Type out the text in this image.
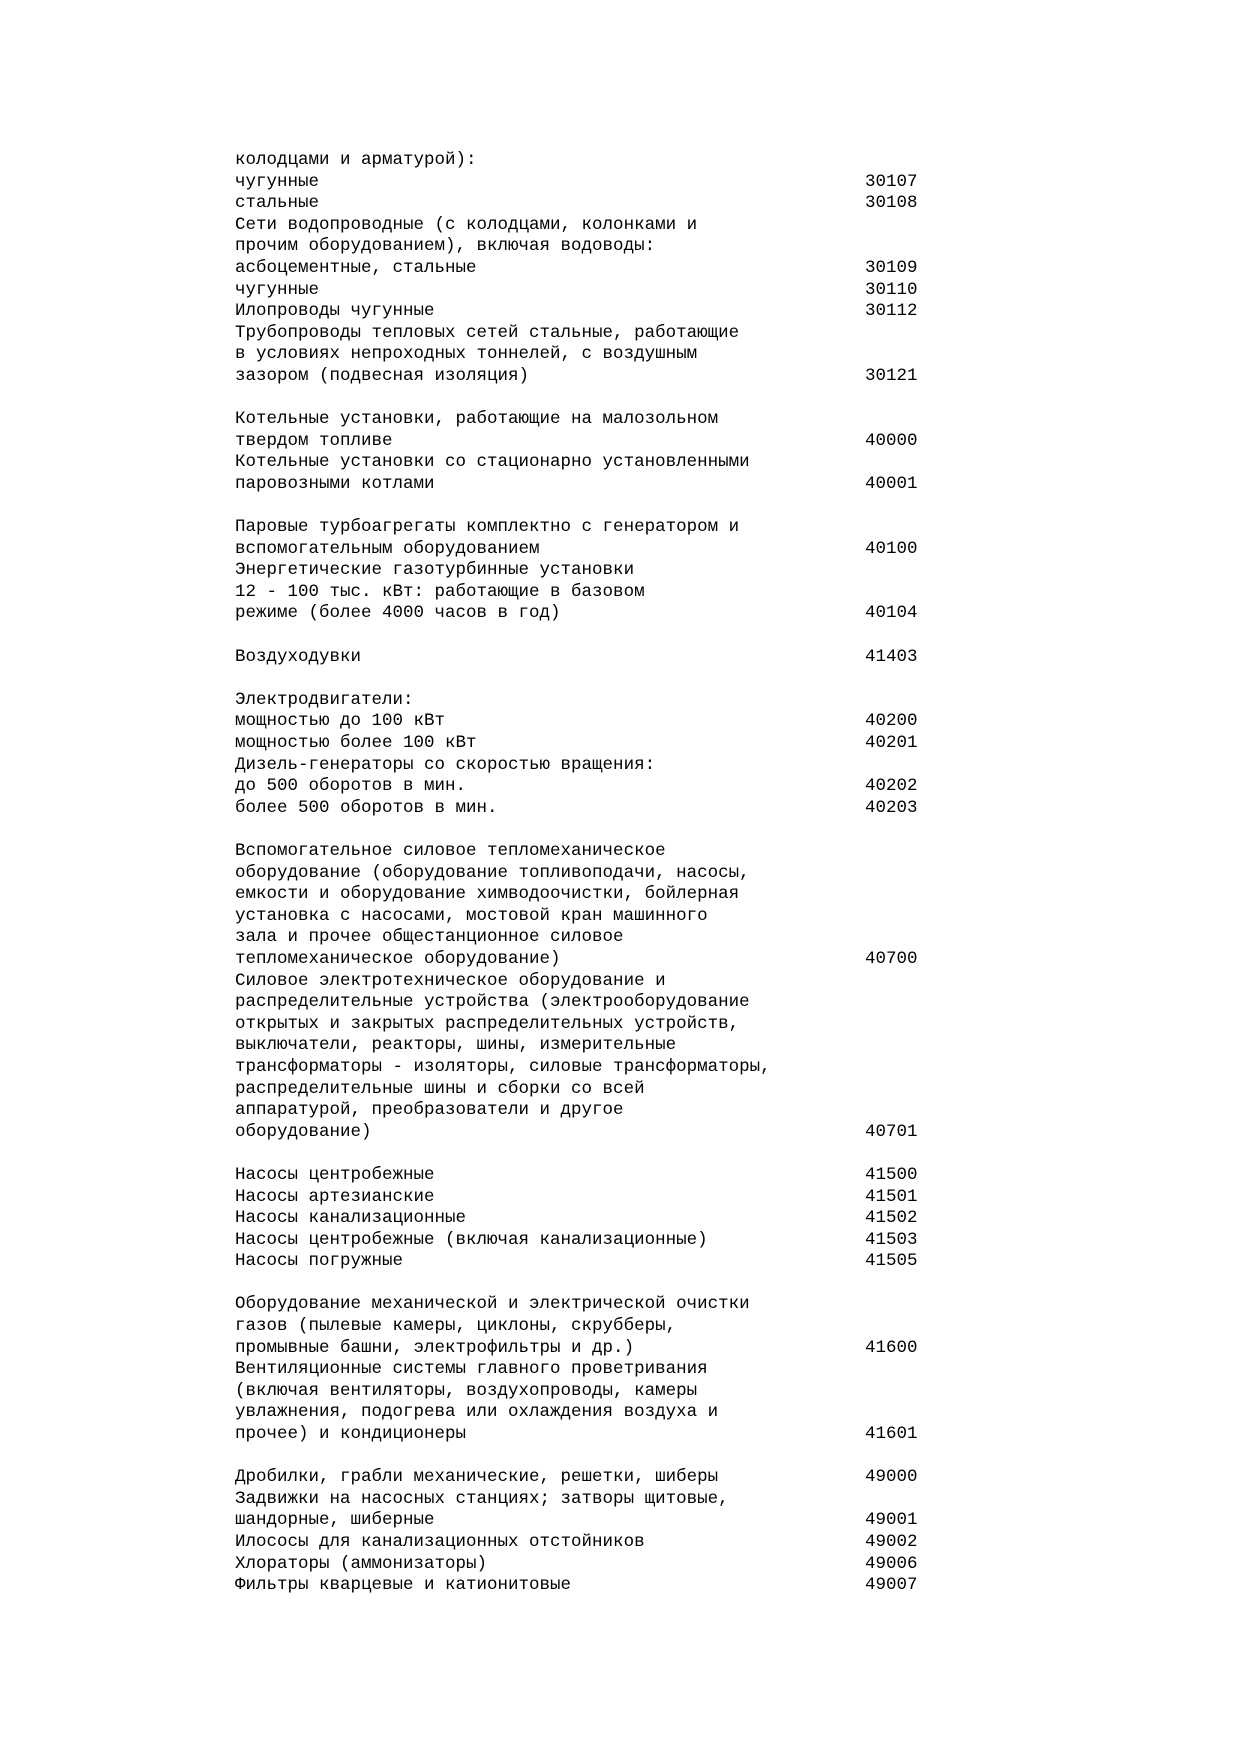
колодцами и арматурой):
чугунные	30107
стальные	30108
Сети водопроводные (с колодцами, колонками и
прочим оборудованием), включая водоводы:
асбоцементные, стальные	30109
чугунные	30110
Илопроводы чугунные	30112
Трубопроводы тепловых сетей стальные, работающие
в условиях непроходных тоннелей, с воздушным
зазором (подвесная изоляция)	30121
Котельные установки, работающие на малозольном
твердом топливе	40000
Котельные установки со стационарно установленными
паровозными котлами	40001
Паровые турбоагрегаты комплектно с генератором и
вспомогательным оборудованием	40100
Энергетические газотурбинные установки
12 - 100 тыс. кВт: работающие в базовом
режиме (более 4000 часов в год)	40104
Воздуходувки	41403
Электродвигатели:
мощностью до 100 кВт	40200
мощностью более 100 кВт	40201
Дизель-генераторы со скоростью вращения:
до 500 оборотов в мин.	40202
более 500 оборотов в мин.	40203
Вспомогательное силовое тепломеханическое
оборудование (оборудование топливоподачи, насосы,
емкости и оборудование химводоочистки, бойлерная
установка с насосами, мостовой кран машинного
зала и прочее общестанционное силовое
тепломеханическое оборудование)	40700
Силовое электротехническое оборудование и
распределительные устройства (электрооборудование
открытых и закрытых распределительных устройств,
выключатели, реакторы, шины, измерительные
трансформаторы - изоляторы, силовые трансформаторы,
распределительные шины и сборки со всей
аппаратурой, преобразователи и другое
оборудование)	40701
Насосы центробежные	41500
Насосы артезианские	41501
Насосы канализационные	41502
Насосы центробежные (включая канализационные)	41503
Насосы погружные	41505
Оборудование механической и электрической очистки
газов (пылевые камеры, циклоны, скрубберы,
промывные башни, электрофильтры и др.)	41600
Вентиляционные системы главного проветривания
(включая вентиляторы, воздухопроводы, камеры
увлажнения, подогрева или охлаждения воздуха и
прочее) и кондиционеры	41601
Дробилки, грабли механические, решетки, шиберы	49000
Задвижки на насосных станциях; затворы щитовые,
шандорные, шиберные	49001
Илососы для канализационных отстойников	49002
Хлораторы (аммонизаторы)	49006
Фильтры кварцевые и катионитовые	49007
